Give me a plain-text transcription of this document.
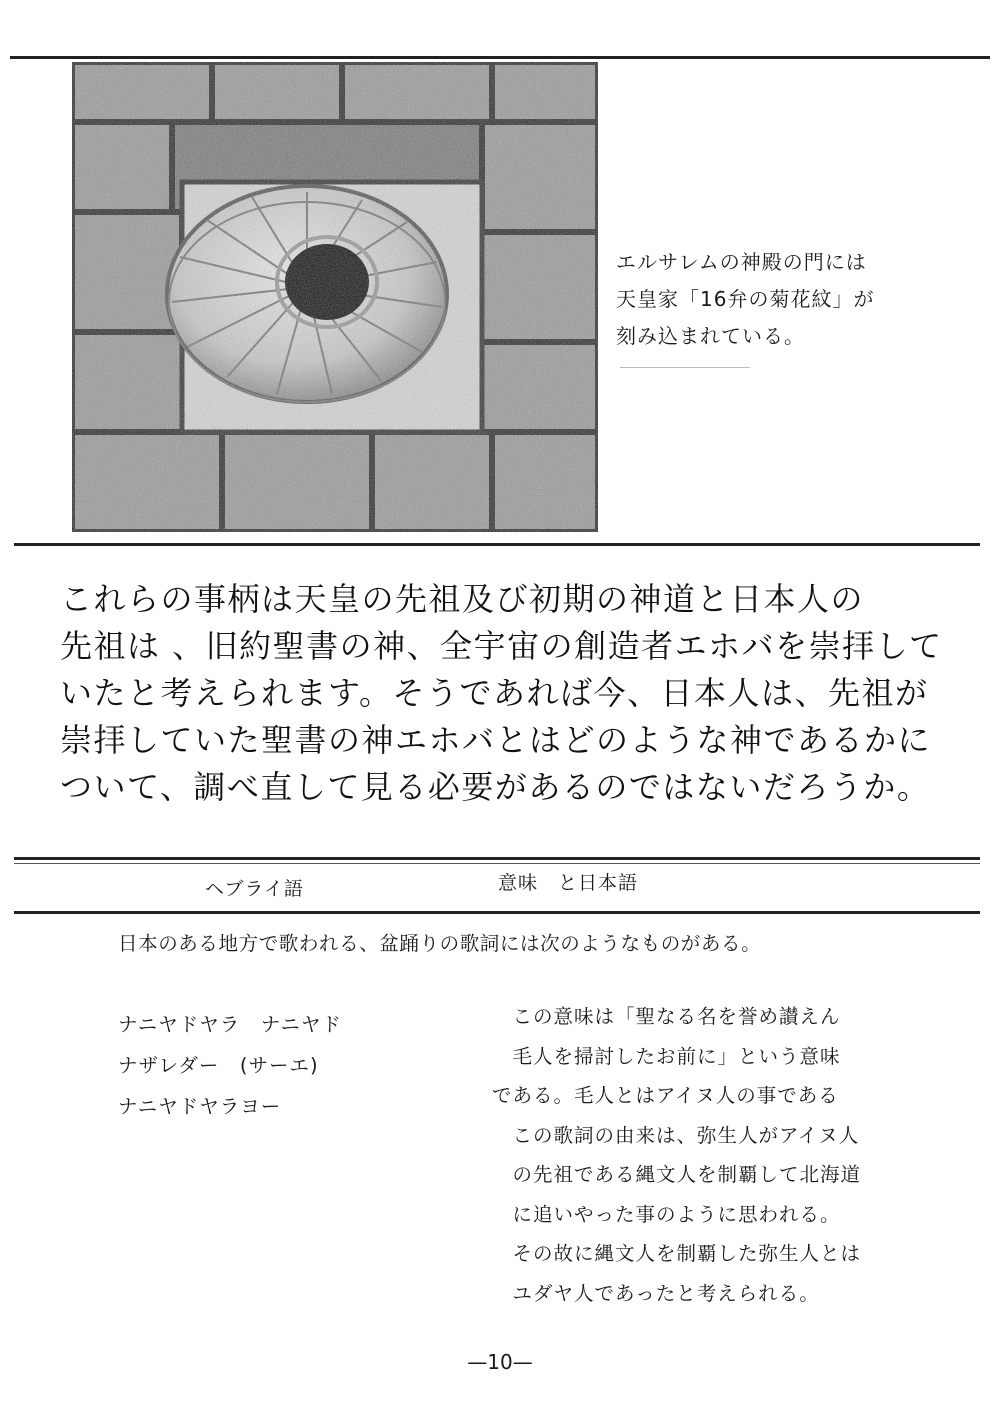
エルサレムの神殿の門には
天皇家「16弁の菊花紋」が
刻み込まれている。
これらの事柄は天皇の先祖及び初期の神道と日本人の
先祖は 、旧約聖書の神、全宇宙の創造者エホバを崇拝して
いたと考えられます。そうであれば今、日本人は、先祖が
崇拝していた聖書の神エホバとはどのような神であるかに
ついて、調べ直して見る必要があるのではないだろうか。
ヘブライ語	意味　と日本語
日本のある地方で歌われる、盆踊りの歌詞には次のようなものがある。
ナニヤドヤラ　ナニヤド
ナザレダー　(サーエ)
ナニヤドヤラヨー
　この意味は「聖なる名を誉め讃えん
　毛人を掃討したお前に」という意味
である。毛人とはアイヌ人の事である
　この歌詞の由来は、弥生人がアイヌ人
　の先祖である縄文人を制覇して北海道
　に追いやった事のように思われる。
　その故に縄文人を制覇した弥生人とは
　ユダヤ人であったと考えられる。
—10—
